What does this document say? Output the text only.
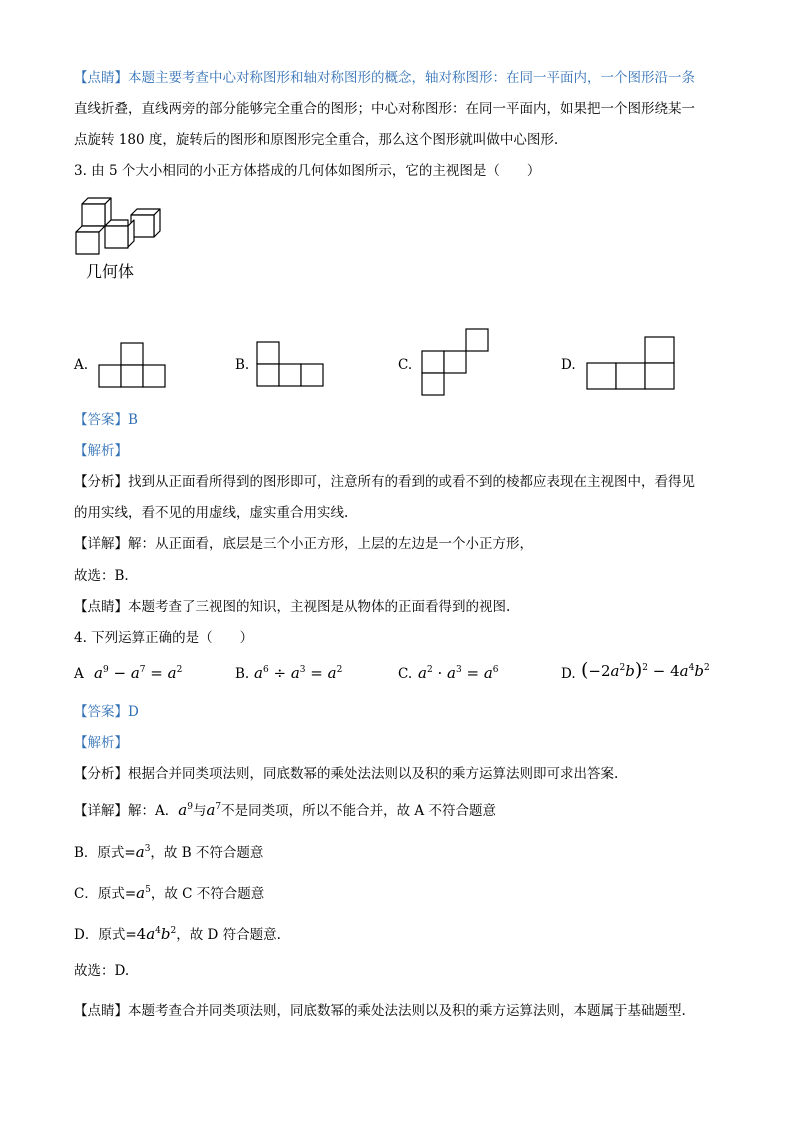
【点睛】本题主要考查中心对称图形和轴对称图形的概念，轴对称图形：在同一平面内，一个图形沿一条
直线折叠，直线两旁的部分能够完全重合的图形；中心对称图形：在同一平面内，如果把一个图形绕某一
点旋转 180 度，旋转后的图形和原图形完全重合，那么这个图形就叫做中心图形.
3. 由 5 个大小相同的小正方体搭成的几何体如图所示，它的主视图是（　　）
几何体
A.	B.	C.	D.
【答案】B
【解析】
【分析】找到从正面看所得到的图形即可，注意所有的看到的或看不到的棱都应表现在主视图中，看得见
的用实线，看不见的用虚线，虚实重合用实线.
【详解】解：从正面看，底层是三个小正方形，上层的左边是一个小正方形，
故选：B.
【点睛】本题考查了三视图的知识，主视图是从物体的正面看得到的视图.
4. 下列运算正确的是（　　）
A $a^9 - a^7 = a^2$	B. $a^6 \div a^3 = a^2$	C. $a^2 \cdot a^3 = a^6$	D. $(-2a^2b)^2 - 4a^4b^2$
【答案】D
【解析】
【分析】根据合并同类项法则，同底数幂的乘处法法则以及积的乘方运算法则即可求出答案.
【详解】解：A．$a^9$与$a^7$不是同类项，所以不能合并，故 A 不符合题意
B．原式$=a^3$，故 B 不符合题意
C．原式$=a^5$，故 C 不符合题意
D．原式$=4a^4b^2$，故 D 符合题意.
故选：D.
【点睛】本题考查合并同类项法则，同底数幂的乘处法法则以及积的乘方运算法则，本题属于基础题型.
